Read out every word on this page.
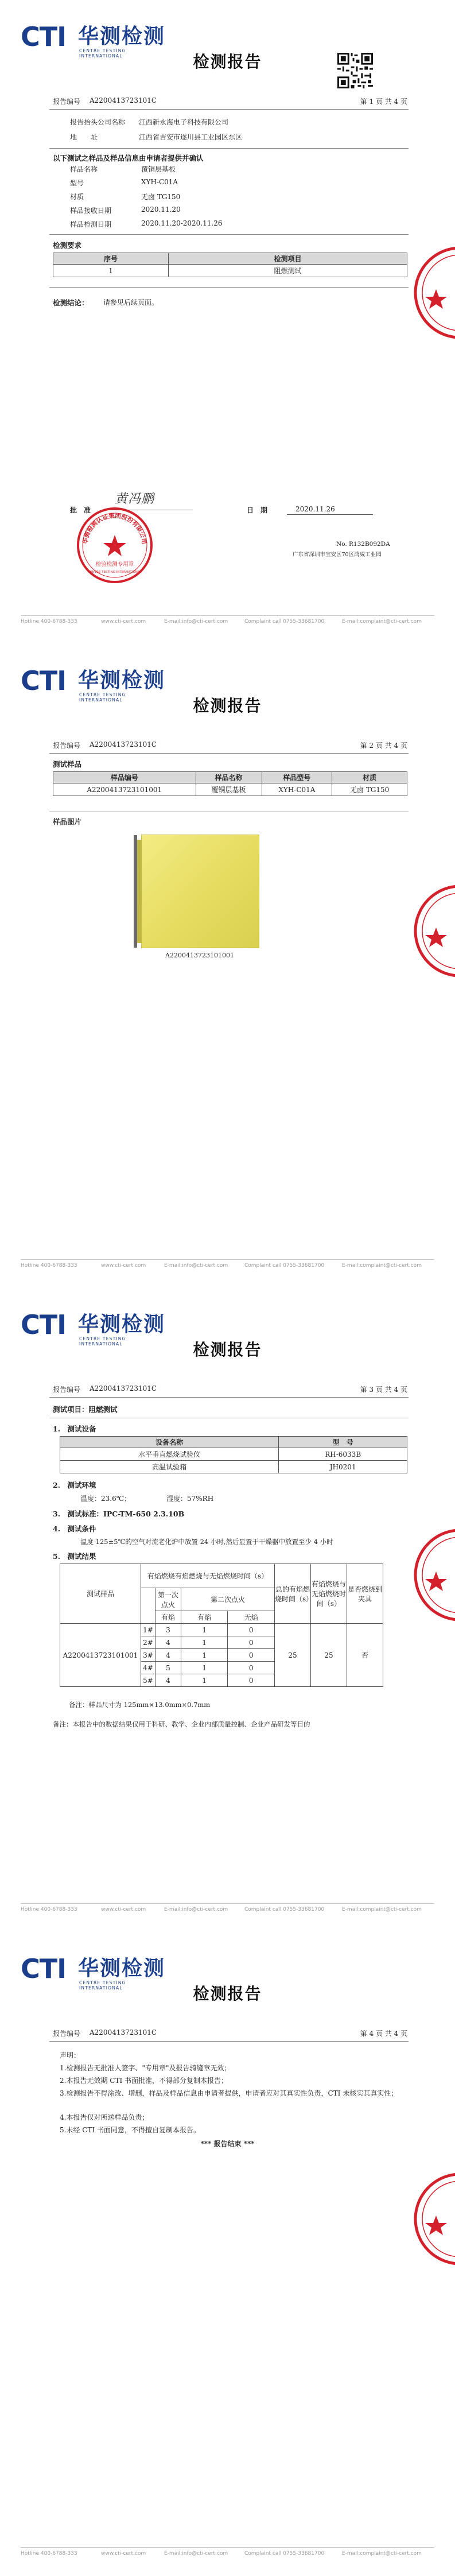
CTI 华测检测
CENTRE TESTING INTERNATIONAL	检测报告
报告编号 A2200413723101C	第 1 页 共 4 页
报告抬头公司名称 江西新永海电子科技有限公司
地　　址	江西省吉安市遂川县工业园区东区
以下测试之样品及样品信息由申请者提供并确认
样品名称	覆铜层基板
型号	XYH-C01A
材质	无卤 TG150
样品接收日期	2020.11.20
样品检测日期	2020.11.20-2020.11.26
检测要求
序号	检测项目
1	阻燃测试
检测结论： 请参见后续页面。
批　准
黄冯鹏
日　期	2020.11.26
No. R132B092DA
广东省深圳市宝安区70区鸿威工业园
华测检测认证集团股份有限公司
检验检测专用章
CENTRE TESTING INTERNATIONAL
Hotline 400-6788-333	www.cti-cert.com	E-mail:info@cti-cert.com	Complaint call 0755-33681700	E-mail:complaint@cti-cert.com
CTI 华测检测
CENTRE TESTING INTERNATIONAL	检测报告
报告编号 A2200413723101C	第 2 页 共 4 页
测试样品
样品编号	样品名称	样品型号	材质
A2200413723101001	覆铜层基板	XYH-C01A	无卤 TG150
样品图片
A2200413723101001
Hotline 400-6788-333	www.cti-cert.com	E-mail:info@cti-cert.com	Complaint call 0755-33681700	E-mail:complaint@cti-cert.com
CTI 华测检测
CENTRE TESTING INTERNATIONAL	检测报告
报告编号 A2200413723101C	第 3 页 共 4 页
测试项目：阻燃测试
1.　测试设备
设备名称	型　号
水平垂直燃烧试验仪	RH-6033B
高温试验箱	JH0201
2.　测试环境
温度：23.6℃；	湿度：57%RH
3.　测试标准：IPC-TM-650 2.3.10B
4.　测试条件
温度 125±5℃的空气对流老化炉中放置 24 小时,然后显置于干燥器中放置至少 4 小时
5.　测试结果
测试样品	有焰燃烧有焰燃烧与无焰燃烧时间（s）				总的有焰燃烧时间（s）	有焰燃烧与无焰燃烧时间（s）	是否燃烧到夹具
		第一次点火	第二次点火				
		有焰	有焰	无焰			
A2200413723101001	1#	3	1	0	25	25	否
	2#	4	1	0			
	3#	4	1	0			
	4#	5	1	0			
	5#	4	1	0			
备注：样品尺寸为 125mm×13.0mm×0.7mm
备注：本报告中的数据结果仅用于科研、教学、企业内部质量控制、企业产品研发等目的
Hotline 400-6788-333	www.cti-cert.com	E-mail:info@cti-cert.com	Complaint call 0755-33681700	E-mail:complaint@cti-cert.com
CTI 华测检测
CENTRE TESTING INTERNATIONAL	检测报告
报告编号 A2200413723101C	第 4 页 共 4 页
声明：
1.检测报告无批准人签字、"专用章"及报告骑缝章无效；
2.本报告无效期 CTI 书面批准，不得部分复制本报告；
3.检测报告不得涂改、增删，样品及样品信息由申请者提供，申请者应对其真实性负责，CTI 未核实其真实性；
4.本报告仅对所送样品负责；
5.未经 CTI 书面同意，不得擅自复制本报告。
*** 报告结束 ***
Hotline 400-6788-333	www.cti-cert.com	E-mail:info@cti-cert.com	Complaint call 0755-33681700	E-mail:complaint@cti-cert.com
